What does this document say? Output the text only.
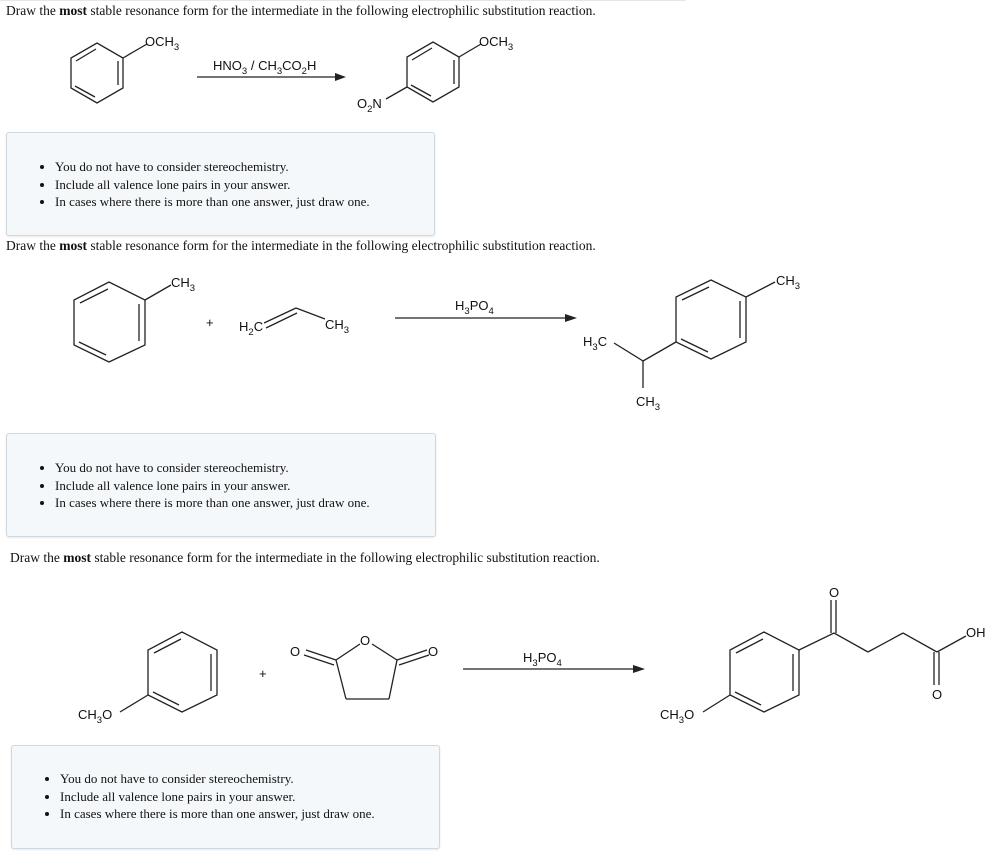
Draw the most stable resonance form for the intermediate in the following electrophilic substitution reaction.
$OCH_3$
$HNO_3 / CH_3CO_2H$
$OCH_3$
$O_2N$
• You do not have to consider stereochemistry.
• Include all valence lone pairs in your answer.
• In cases where there is more than one answer, just draw one.
Draw the most stable resonance form for the intermediate in the following electrophilic substitution reaction.
$CH_3$
+ $H_2C$	$CH_3$
$H_3PO_4$
$CH_3$
$H_3C$
$CH_3$
• You do not have to consider stereochemistry.
• Include all valence lone pairs in your answer.
• In cases where there is more than one answer, just draw one.
Draw the most stable resonance form for the intermediate in the following electrophilic substitution reaction.
$CH_3O$
+
O
O
O	$H_3PO_4$
O
OH
O
$CH_3O$
• You do not have to consider stereochemistry.
• Include all valence lone pairs in your answer.
• In cases where there is more than one answer, just draw one.
